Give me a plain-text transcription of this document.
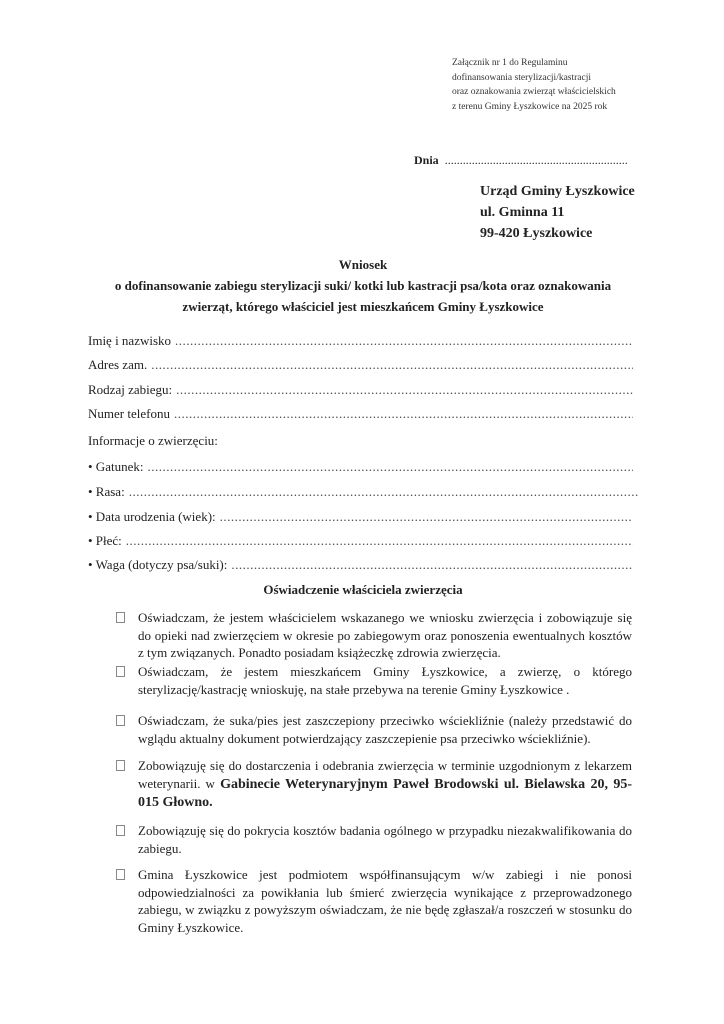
Załącznik nr 1 do Regulaminu
dofinansowania sterylizacji/kastracji
oraz oznakowania zwierząt właścicielskich
z terenu Gminy Łyszkowice na 2025 rok
Dnia .............................................................
Urząd Gminy Łyszkowice
ul. Gminna 11
99-420 Łyszkowice
Wniosek
o dofinansowanie zabiegu sterylizacji suki/ kotki lub kastracji psa/kota oraz oznakowania
zwierząt, którego właściciel jest mieszkańcem Gminy Łyszkowice
Imię i nazwisko
.....
Adres zam.
.....
Rodzaj zabiegu:
.....
Numer telefonu
.....
Informacje o zwierzęciu:
• Gatunek:
.....
• Rasa:
.....
• Data urodzenia (wiek):
.....
• Płeć:
.....
• Waga (dotyczy psa/suki):
.....
Oświadczenie właściciela zwierzęcia
Oświadczam, że jestem właścicielem wskazanego we wniosku zwierzęcia i zobowiązuje się do opieki nad zwierzęciem w okresie po zabiegowym oraz ponoszenia ewentualnych kosztów z tym związanych. Ponadto posiadam książeczkę zdrowia zwierzęcia.
Oświadczam, że jestem mieszkańcem Gminy Łyszkowice, a zwierzę, o którego sterylizację/kastrację wnioskuję, na stałe przebywa na terenie Gminy Łyszkowice .
Oświadczam, że suka/pies jest zaszczepiony przeciwko wściekliźnie (należy przedstawić do wglądu aktualny dokument potwierdzający zaszczepienie psa przeciwko wściekliźnie).
Zobowiązuję się do dostarczenia i odebrania zwierzęcia w terminie uzgodnionym z lekarzem weterynarii. w Gabinecie Weterynaryjnym Paweł Brodowski ul. Bielawska 20, 95-015 Głowno.
Zobowiązuję się do pokrycia kosztów badania ogólnego w przypadku niezakwalifikowania do zabiegu.
Gmina Łyszkowice jest podmiotem współfinansującym w/w zabiegi i nie ponosi odpowiedzialności za powikłania lub śmierć zwierzęcia wynikające z przeprowadzonego zabiegu, w związku z powyższym oświadczam, że nie będę zgłaszał/a roszczeń w stosunku do Gminy Łyszkowice.
